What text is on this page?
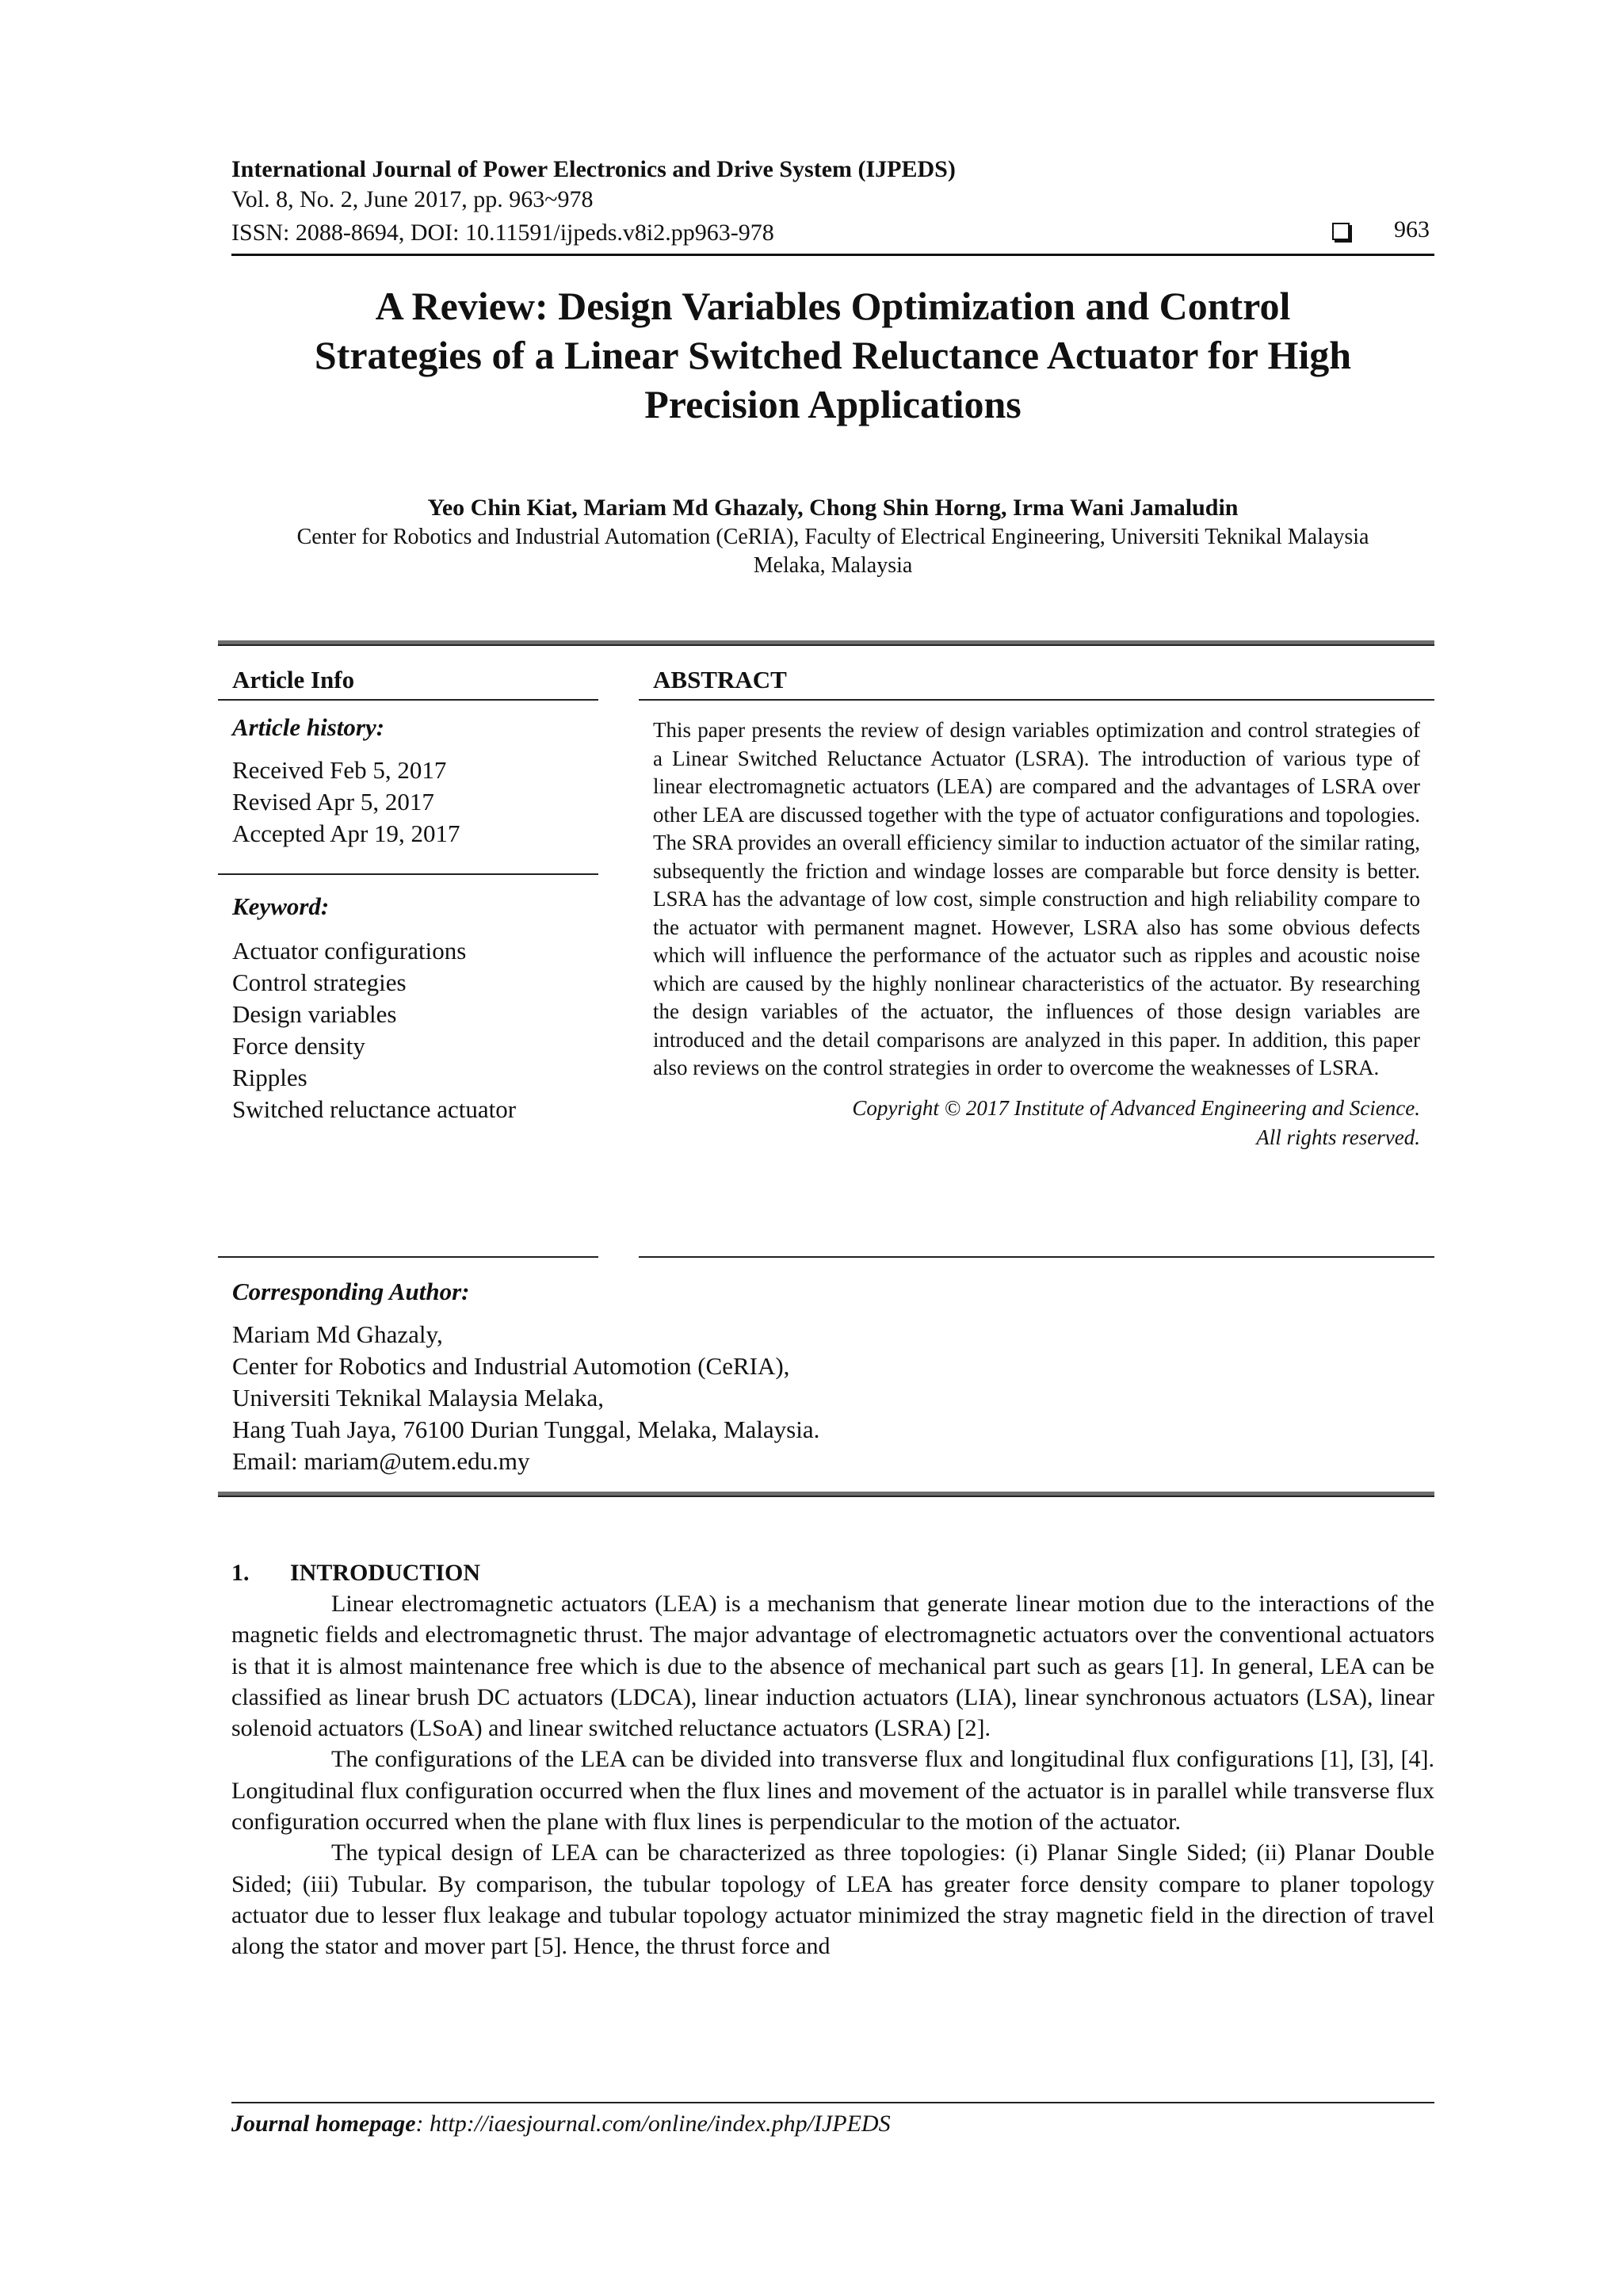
International Journal of Power Electronics and Drive System (IJPEDS)
Vol. 8, No. 2, June 2017, pp. 963~978
ISSN: 2088-8694, DOI: 10.11591/ijpeds.v8i2.pp963-978	963
A Review: Design Variables Optimization and Control
Strategies of a Linear Switched Reluctance Actuator for High
Precision Applications
Yeo Chin Kiat, Mariam Md Ghazaly, Chong Shin Horng, Irma Wani Jamaludin
Center for Robotics and Industrial Automation (CeRIA), Faculty of Electrical Engineering, Universiti Teknikal Malaysia
Melaka, Malaysia
Article Info
Article history:
Received Feb 5, 2017
Revised Apr 5, 2017
Accepted Apr 19, 2017
Keyword:
Actuator configurations
Control strategies
Design variables
Force density
Ripples
Switched reluctance actuator
ABSTRACT
This paper presents the review of design variables optimization and control strategies of a Linear Switched Reluctance Actuator (LSRA). The introduction of various type of linear electromagnetic actuators (LEA) are compared and the advantages of LSRA over other LEA are discussed together with the type of actuator configurations and topologies. The SRA provides an overall efficiency similar to induction actuator of the similar rating, subsequently the friction and windage losses are comparable but force density is better. LSRA has the advantage of low cost, simple construction and high reliability compare to the actuator with permanent magnet. However, LSRA also has some obvious defects which will influence the performance of the actuator such as ripples and acoustic noise which are caused by the highly nonlinear characteristics of the actuator. By researching the design variables of the actuator, the influences of those design variables are introduced and the detail comparisons are analyzed in this paper. In addition, this paper also reviews on the control strategies in order to overcome the weaknesses of LSRA.
Copyright © 2017 Institute of Advanced Engineering and Science.
All rights reserved.
Corresponding Author:
Mariam Md Ghazaly,
Center for Robotics and Industrial Automotion (CeRIA),
Universiti Teknikal Malaysia Melaka,
Hang Tuah Jaya, 76100 Durian Tunggal, Melaka, Malaysia.
Email: mariam@utem.edu.my
1. INTRODUCTION

Linear electromagnetic actuators (LEA) is a mechanism that generate linear motion due to the interactions of the magnetic fields and electromagnetic thrust. The major advantage of electromagnetic actuators over the conventional actuators is that it is almost maintenance free which is due to the absence of mechanical part such as gears [1]. In general, LEA can be classified as linear brush DC actuators (LDCA), linear induction actuators (LIA), linear synchronous actuators (LSA), linear solenoid actuators (LSoA) and linear switched reluctance actuators (LSRA) [2].

The configurations of the LEA can be divided into transverse flux and longitudinal flux configurations [1], [3], [4]. Longitudinal flux configuration occurred when the flux lines and movement of the actuator is in parallel while transverse flux configuration occurred when the plane with flux lines is perpendicular to the motion of the actuator.

The typical design of LEA can be characterized as three topologies: (i) Planar Single Sided; (ii) Planar Double Sided; (iii) Tubular. By comparison, the tubular topology of LEA has greater force density compare to planer topology actuator due to lesser flux leakage and tubular topology actuator minimized the stray magnetic field in the direction of travel along the stator and mover part [5]. Hence, the thrust force and

Journal homepage: http://iaesjournal.com/online/index.php/IJPEDS
